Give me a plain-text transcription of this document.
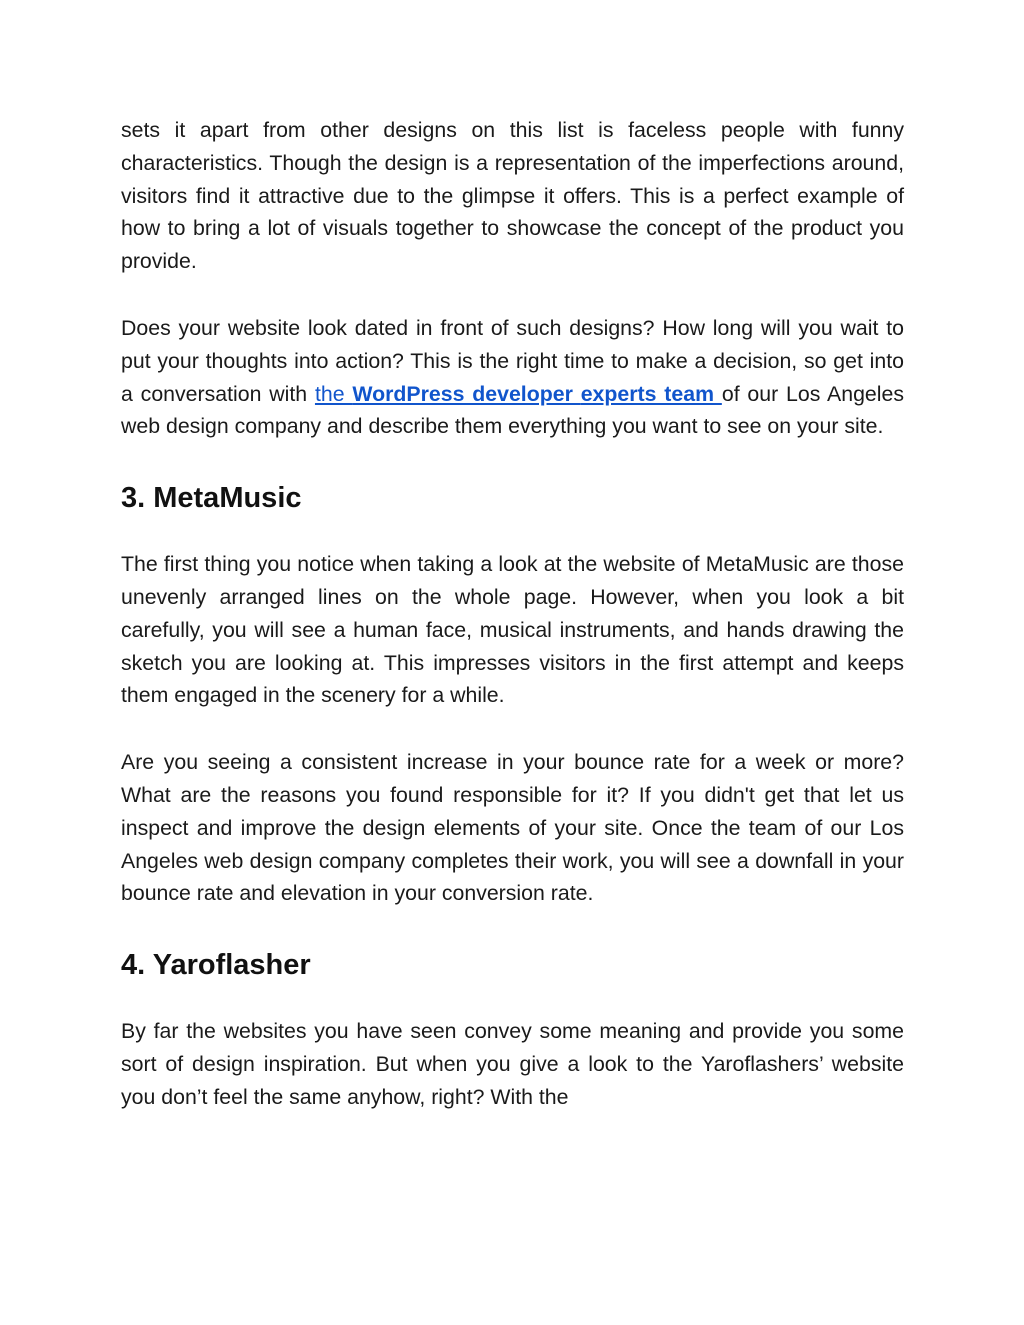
sets it apart from other designs on this list is faceless people with funny characteristics. Though the design is a representation of the imperfections around, visitors find it attractive due to the glimpse it offers. This is a perfect example of how to bring a lot of visuals together to showcase the concept of the product you provide.

Does your website look dated in front of such designs? How long will you wait to put your thoughts into action? This is the right time to make a decision, so get into a conversation with the WordPress developer experts team of our Los Angeles web design company and describe them everything you want to see on your site.

3. MetaMusic

The first thing you notice when taking a look at the website of MetaMusic are those unevenly arranged lines on the whole page. However, when you look a bit carefully, you will see a human face, musical instruments, and hands drawing the sketch you are looking at. This impresses visitors in the first attempt and keeps them engaged in the scenery for a while.

Are you seeing a consistent increase in your bounce rate for a week or more? What are the reasons you found responsible for it? If you didn't get that let us inspect and improve the design elements of your site. Once the team of our Los Angeles web design company completes their work, you will see a downfall in your bounce rate and elevation in your conversion rate.

4. Yaroflasher

By far the websites you have seen convey some meaning and provide you some sort of design inspiration. But when you give a look to the Yaroflashers’ website you don’t feel the same anyhow, right? With the
